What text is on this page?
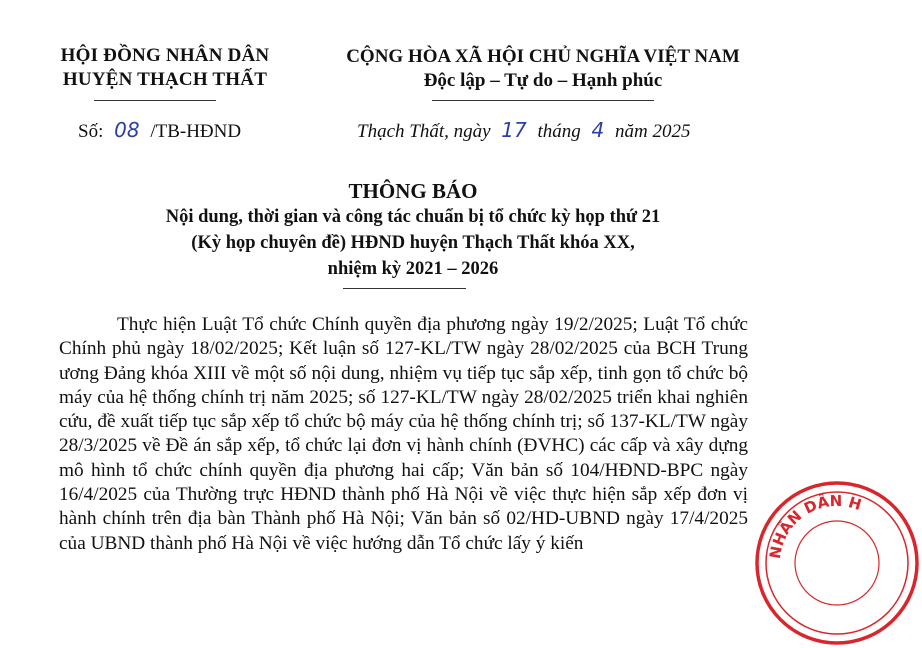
HỘI ĐỒNG NHÂN DÂN
HUYỆN THẠCH THẤT
CỘNG HÒA XÃ HỘI CHỦ NGHĨA VIỆT NAM
Độc lập – Tự do – Hạnh phúc
Số: 08 /TB-HĐND	Thạch Thất, ngày 17 tháng 4 năm 2025
THÔNG BÁO
Nội dung, thời gian và công tác chuẩn bị tổ chức kỳ họp thứ 21
(Kỳ họp chuyên đề) HĐND huyện Thạch Thất khóa XX,
nhiệm kỳ 2021 – 2026
Thực hiện Luật Tổ chức Chính quyền địa phương ngày 19/2/2025; Luật Tổ chức Chính phủ ngày 18/02/2025; Kết luận số 127-KL/TW ngày 28/02/2025 của BCH Trung ương Đảng khóa XIII về một số nội dung, nhiệm vụ tiếp tục sắp xếp, tinh gọn tổ chức bộ máy của hệ thống chính trị năm 2025; số 127-KL/TW ngày 28/02/2025 triển khai nghiên cứu, đề xuất tiếp tục sắp xếp tổ chức bộ máy của hệ thống chính trị; số 137-KL/TW ngày 28/3/2025 về Đề án sắp xếp, tổ chức lại đơn vị hành chính (ĐVHC) các cấp và xây dựng mô hình tổ chức chính quyền địa phương hai cấp; Văn bản số 104/HĐND-BPC ngày 16/4/2025 của Thường trực HĐND thành phố Hà Nội về việc thực hiện sắp xếp đơn vị hành chính trên địa bàn Thành phố Hà Nội; Văn bản số 02/HD-UBND ngày 17/4/2025 của UBND thành phố Hà Nội về việc hướng dẫn Tổ chức lấy ý kiến	NHÂN DÂN H
